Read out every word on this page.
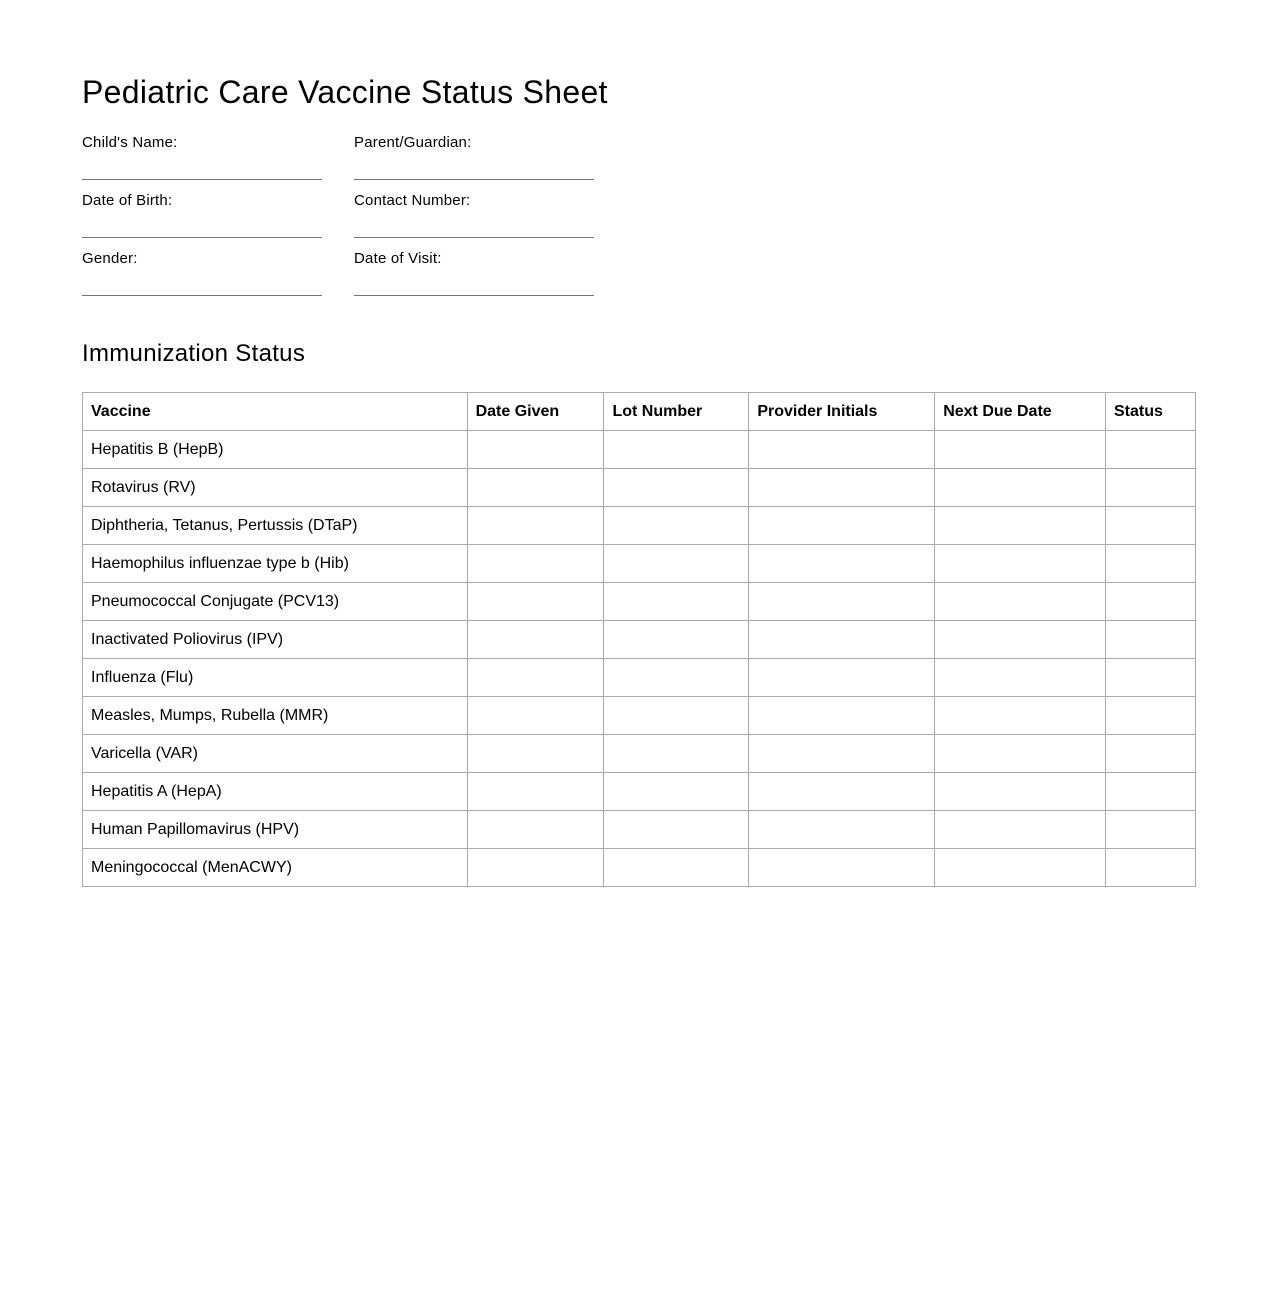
Pediatric Care Vaccine Status Sheet
Child's Name:	Parent/Guardian:
Date of Birth:	Contact Number:
Gender:	Date of Visit:
Immunization Status
Vaccine	Date Given	Lot Number	Provider Initials	Next Due Date	Status
Hepatitis B (HepB)					
Rotavirus (RV)					
Diphtheria, Tetanus, Pertussis (DTaP)					
Haemophilus influenzae type b (Hib)					
Pneumococcal Conjugate (PCV13)					
Inactivated Poliovirus (IPV)					
Influenza (Flu)					
Measles, Mumps, Rubella (MMR)					
Varicella (VAR)					
Hepatitis A (HepA)					
Human Papillomavirus (HPV)					
Meningococcal (MenACWY)					
